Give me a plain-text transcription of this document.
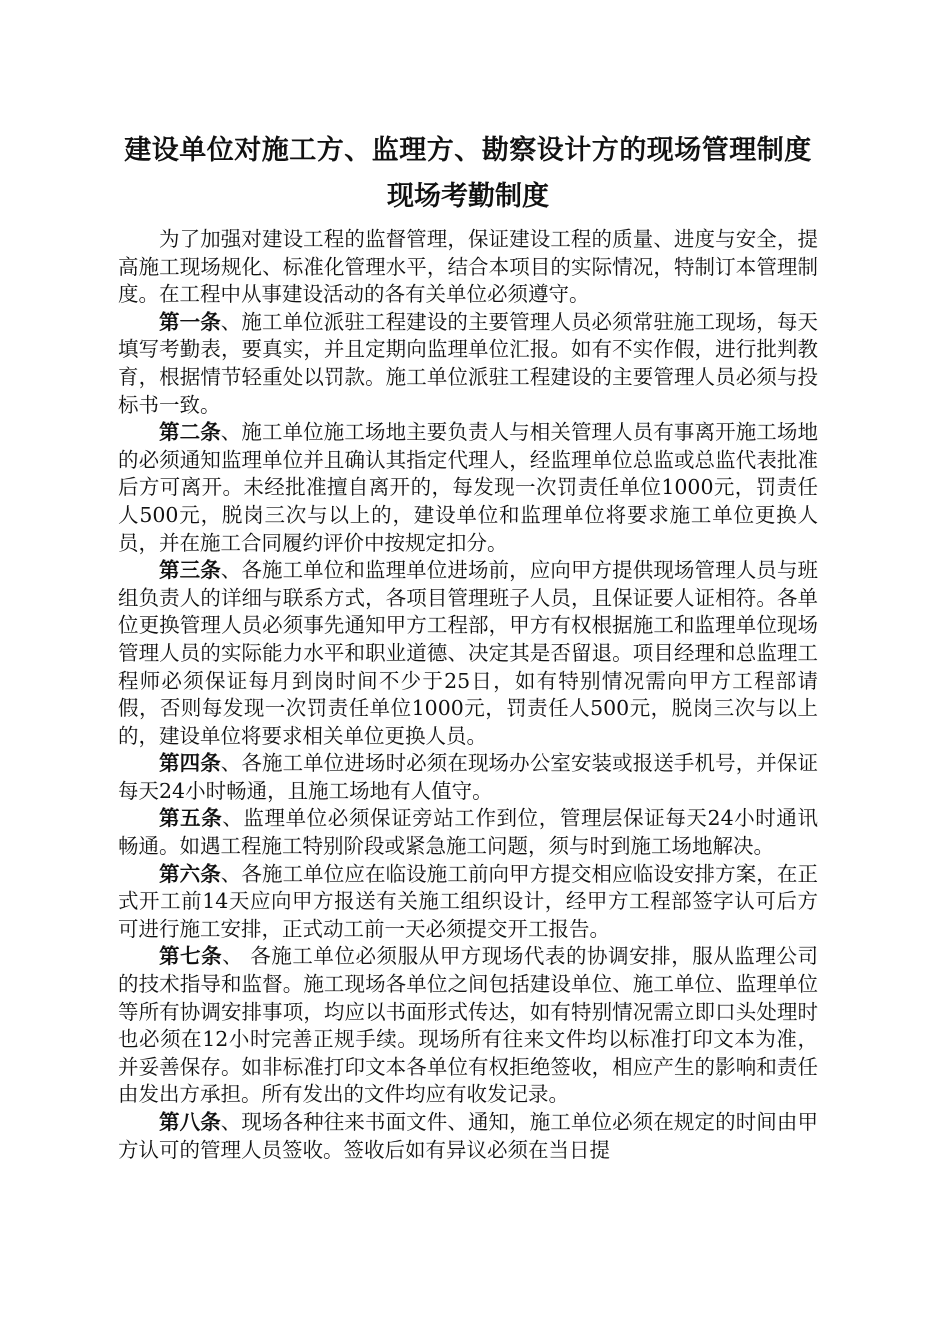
建设单位对施工方、监理方、勘察设计方的现场管理制度
现场考勤制度

为了加强对建设工程的监督管理，保证建设工程的质量、进度与安全，提高施工现场规化、标准化管理水平，结合本项目的实际情况，特制订本管理制度。在工程中从事建设活动的各有关单位必须遵守。

第一条、施工单位派驻工程建设的主要管理人员必须常驻施工现场，每天填写考勤表，要真实，并且定期向监理单位汇报。如有不实作假，进行批判教育，根据情节轻重处以罚款。施工单位派驻工程建设的主要管理人员必须与投标书一致。

第二条、施工单位施工场地主要负责人与相关管理人员有事离开施工场地的必须通知监理单位并且确认其指定代理人，经监理单位总监或总监代表批准后方可离开。未经批准擅自离开的，每发现一次罚责任单位1000元，罚责任人500元，脱岗三次与以上的，建设单位和监理单位将要求施工单位更换人员，并在施工合同履约评价中按规定扣分。

第三条、各施工单位和监理单位进场前，应向甲方提供现场管理人员与班组负责人的详细与联系方式，各项目管理班子人员，且保证要人证相符。各单位更换管理人员必须事先通知甲方工程部，甲方有权根据施工和监理单位现场管理人员的实际能力水平和职业道德、决定其是否留退。项目经理和总监理工程师必须保证每月到岗时间不少于25日，如有特别情况需向甲方工程部请假，否则每发现一次罚责任单位1000元，罚责任人500元，脱岗三次与以上的，建设单位将要求相关单位更换人员。

第四条、各施工单位进场时必须在现场办公室安装或报送手机号，并保证每天24小时畅通，且施工场地有人值守。

第五条、监理单位必须保证旁站工作到位，管理层保证每天24小时通讯畅通。如遇工程施工特别阶段或紧急施工问题，须与时到施工场地解决。

第六条、各施工单位应在临设施工前向甲方提交相应临设安排方案，在正式开工前14天应向甲方报送有关施工组织设计，经甲方工程部签字认可后方可进行施工安排，正式动工前一天必须提交开工报告。

第七条、 各施工单位必须服从甲方现场代表的协调安排，服从监理公司的技术指导和监督。施工现场各单位之间包括建设单位、施工单位、监理单位等所有协调安排事项，均应以书面形式传达，如有特别情况需立即口头处理时也必须在12小时完善正规手续。现场所有往来文件均以标准打印文本为准，并妥善保存。如非标准打印文本各单位有权拒绝签收，相应产生的影响和责任由发出方承担。所有发出的文件均应有收发记录。

第八条、现场各种往来书面文件、通知，施工单位必须在规定的时间由甲方认可的管理人员签收。签收后如有异议必须在当日提
